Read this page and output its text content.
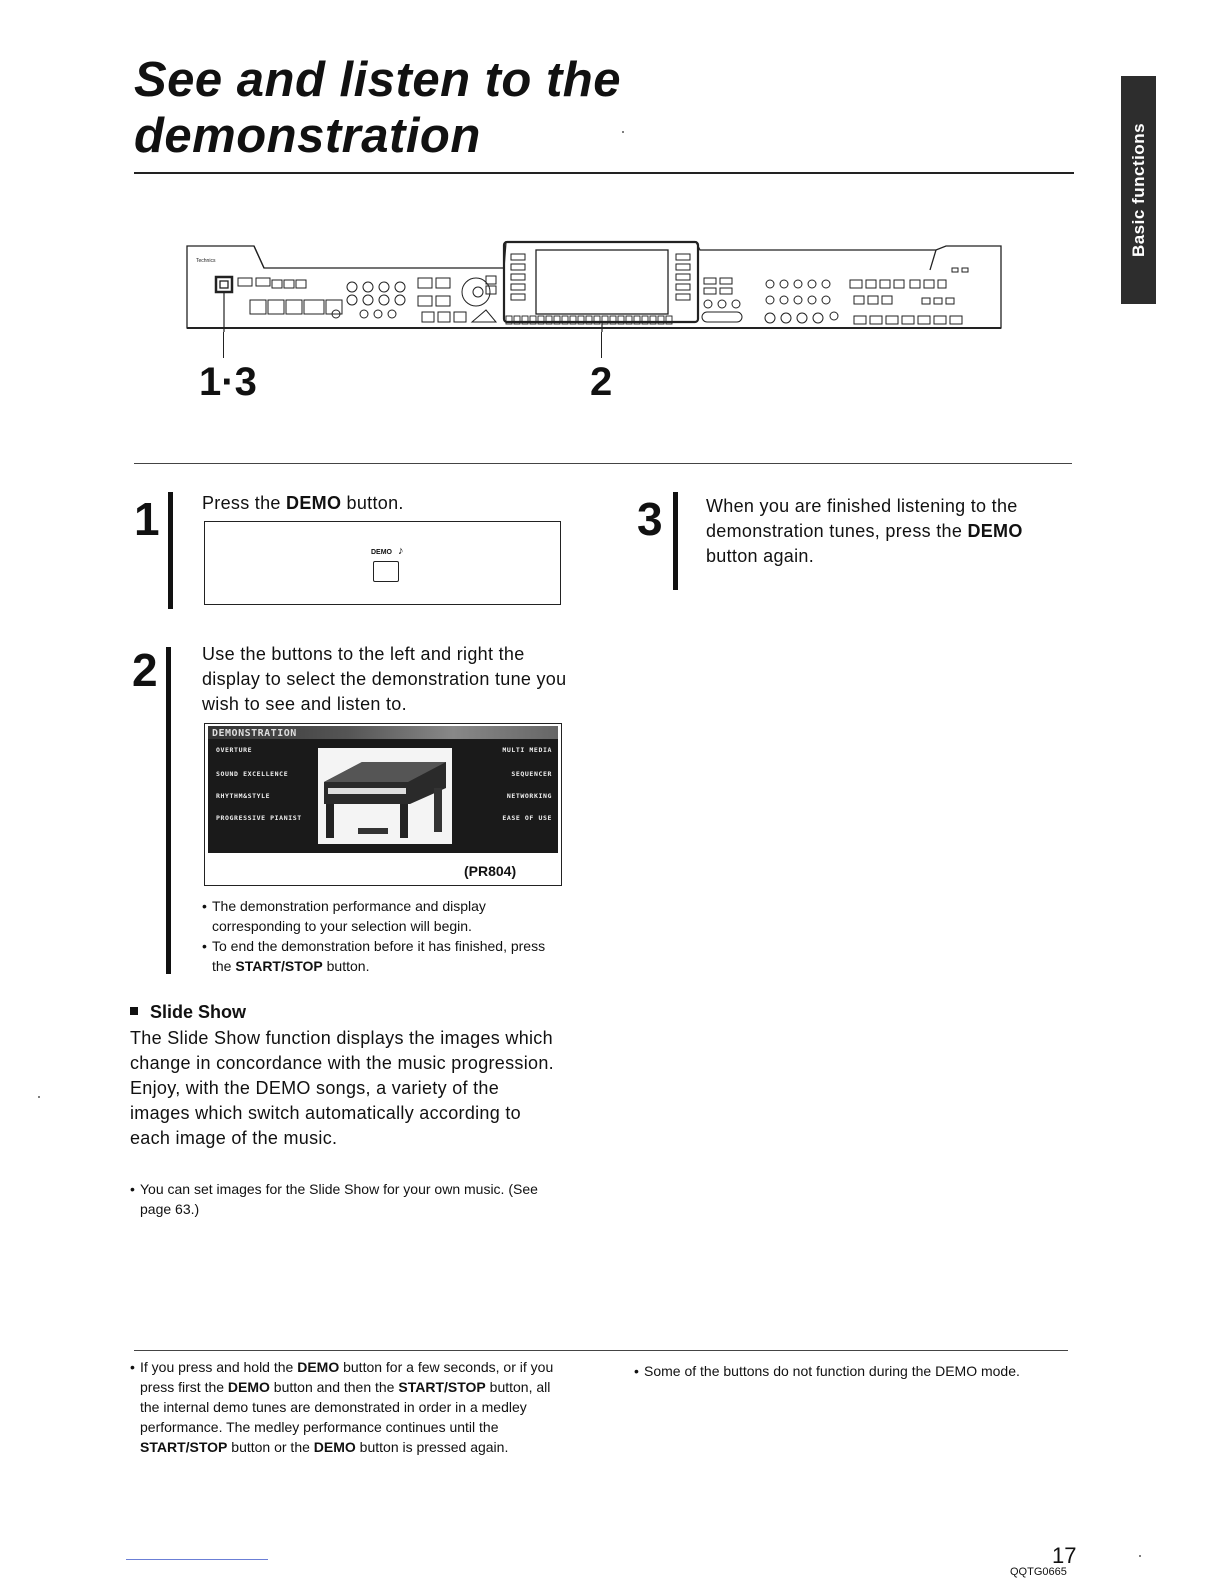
See and listen to the
demonstration	Basic functions
Technics
1·3	2
1 Press the DEMO button.
DEMO ♪
2 Use the buttons to the left and right the display to select the demonstration tune you wish to see and listen to.
DEMONSTRATION
OVERTURE
SOUND EXCELLENCE
RHYTHM&STYLE
PROGRESSIVE PIANIST
MULTI MEDIA
SEQUENCER
NETWORKING
EASE OF USE
(PR804)
• The demonstration performance and display corresponding to your selection will begin.
• To end the demonstration before it has finished, press the START/STOP button.
3 When you are finished listening to the demonstration tunes, press the DEMO button again.
Slide Show
The Slide Show function displays the images which change in concordance with the music progression. Enjoy, with the DEMO songs, a variety of the images which switch automatically according to each image of the music.
• You can set images for the Slide Show for your own music. (See page 63.)
• If you press and hold the DEMO button for a few seconds, or if you press first the DEMO button and then the START/STOP button, all the internal demo tunes are demonstrated in order in a medley performance. The medley performance continues until the START/STOP button or the DEMO button is pressed again.
• Some of the buttons do not function during the DEMO mode.
17
QQTG0665
